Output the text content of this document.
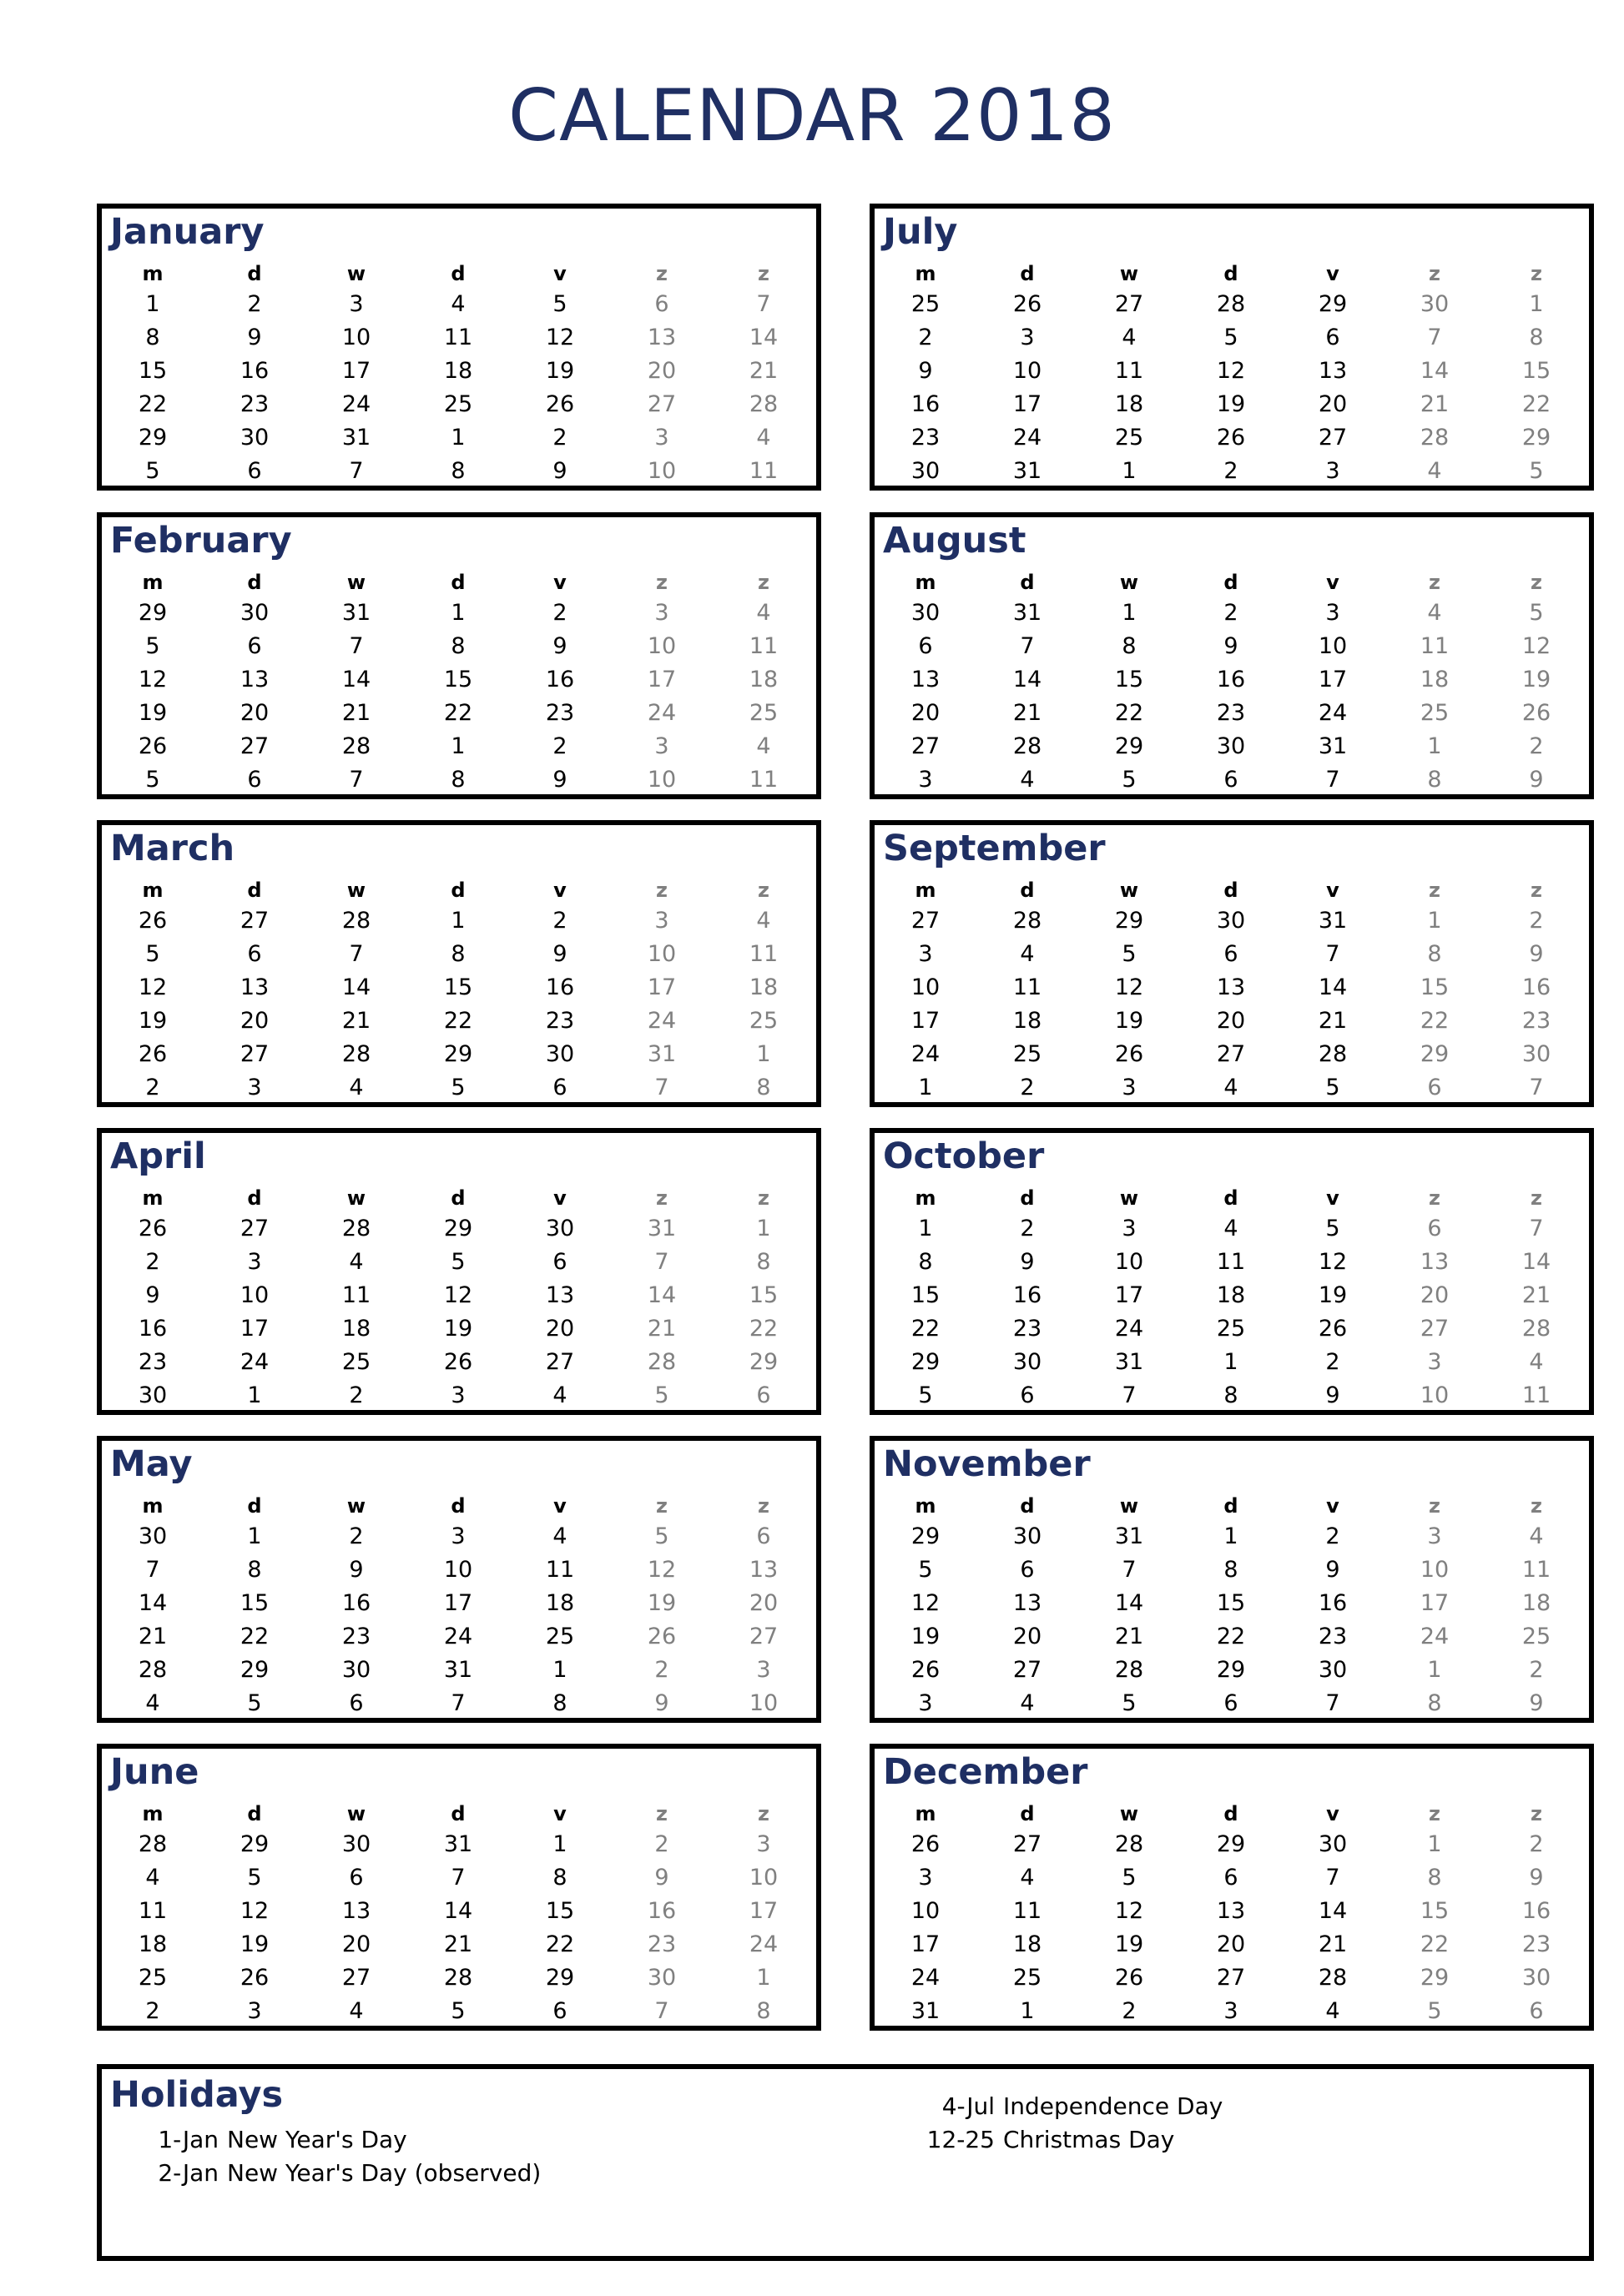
CALENDAR 2018
January
m	d	w	d	v	z	z
1	2	3	4	5	6	7
8	9	10	11	12	13	14
15	16	17	18	19	20	21
22	23	24	25	26	27	28
29	30	31	1	2	3	4
5	6	7	8	9	10	11
February
m	d	w	d	v	z	z
29	30	31	1	2	3	4
5	6	7	8	9	10	11
12	13	14	15	16	17	18
19	20	21	22	23	24	25
26	27	28	1	2	3	4
5	6	7	8	9	10	11
March
m	d	w	d	v	z	z
26	27	28	1	2	3	4
5	6	7	8	9	10	11
12	13	14	15	16	17	18
19	20	21	22	23	24	25
26	27	28	29	30	31	1
2	3	4	5	6	7	8
April
m	d	w	d	v	z	z
26	27	28	29	30	31	1
2	3	4	5	6	7	8
9	10	11	12	13	14	15
16	17	18	19	20	21	22
23	24	25	26	27	28	29
30	1	2	3	4	5	6
May
m	d	w	d	v	z	z
30	1	2	3	4	5	6
7	8	9	10	11	12	13
14	15	16	17	18	19	20
21	22	23	24	25	26	27
28	29	30	31	1	2	3
4	5	6	7	8	9	10
June
m	d	w	d	v	z	z
28	29	30	31	1	2	3
4	5	6	7	8	9	10
11	12	13	14	15	16	17
18	19	20	21	22	23	24
25	26	27	28	29	30	1
2	3	4	5	6	7	8
July
m	d	w	d	v	z	z
25	26	27	28	29	30	1
2	3	4	5	6	7	8
9	10	11	12	13	14	15
16	17	18	19	20	21	22
23	24	25	26	27	28	29
30	31	1	2	3	4	5
August
m	d	w	d	v	z	z
30	31	1	2	3	4	5
6	7	8	9	10	11	12
13	14	15	16	17	18	19
20	21	22	23	24	25	26
27	28	29	30	31	1	2
3	4	5	6	7	8	9
September
m	d	w	d	v	z	z
27	28	29	30	31	1	2
3	4	5	6	7	8	9
10	11	12	13	14	15	16
17	18	19	20	21	22	23
24	25	26	27	28	29	30
1	2	3	4	5	6	7
October
m	d	w	d	v	z	z
1	2	3	4	5	6	7
8	9	10	11	12	13	14
15	16	17	18	19	20	21
22	23	24	25	26	27	28
29	30	31	1	2	3	4
5	6	7	8	9	10	11
November
m	d	w	d	v	z	z
29	30	31	1	2	3	4
5	6	7	8	9	10	11
12	13	14	15	16	17	18
19	20	21	22	23	24	25
26	27	28	29	30	1	2
3	4	5	6	7	8	9
December
m	d	w	d	v	z	z
26	27	28	29	30	1	2
3	4	5	6	7	8	9
10	11	12	13	14	15	16
17	18	19	20	21	22	23
24	25	26	27	28	29	30
31	1	2	3	4	5	6
Holidays
1-Jan New Year's Day
2-Jan New Year's Day (observed)
4-Jul Independence Day
12-25 Christmas Day
